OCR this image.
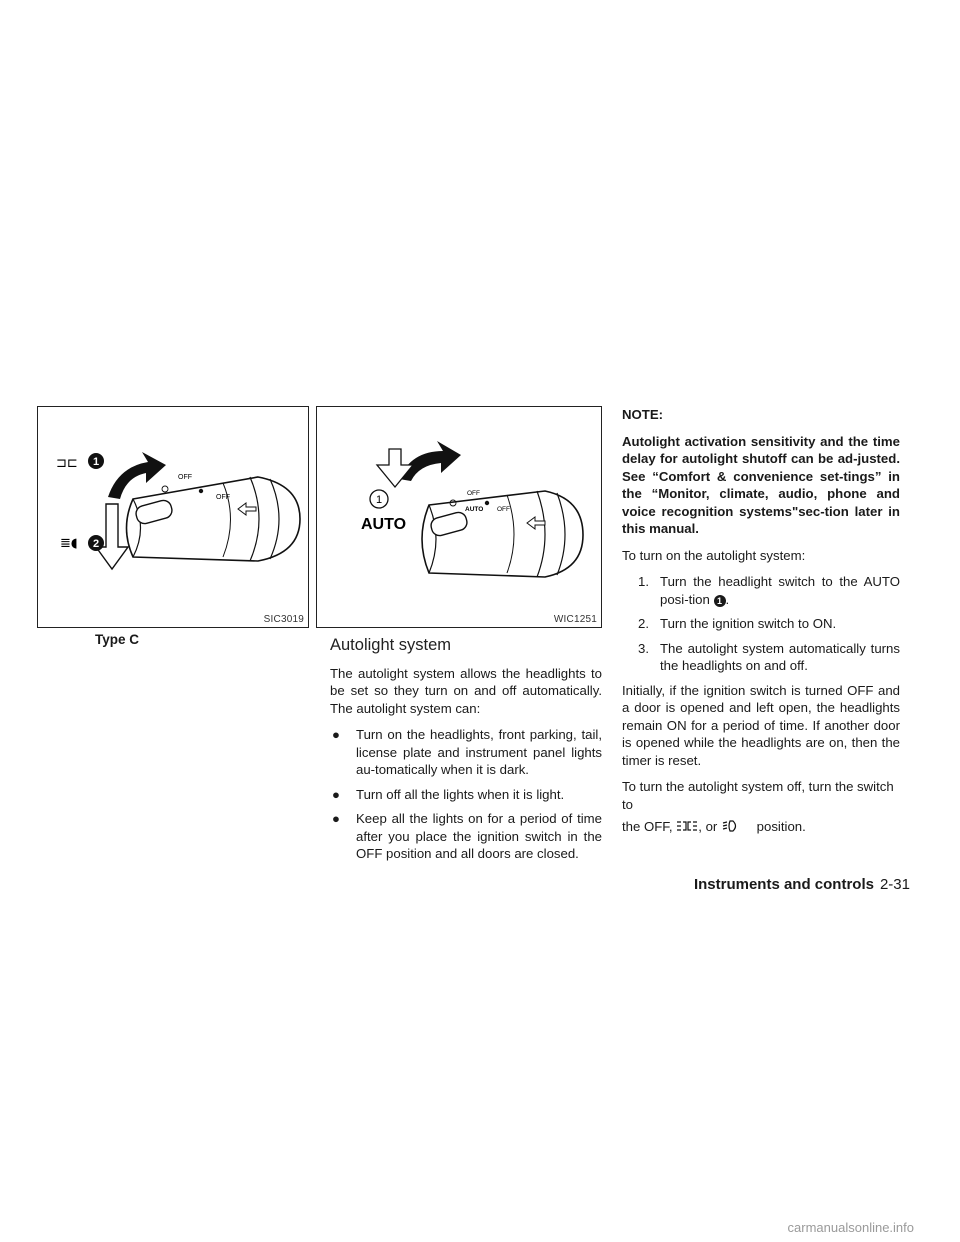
OFF
OFF
⊐⊏ 1
≣◖ 2
SIC3019
Type C
OFF
AUTO OFF
1
AUTO
WIC1251
Autolight system

The autolight system allows the headlights to be set so they turn on and off automatically. The autolight system can:

● Turn on the headlights, front parking, tail, license plate and instrument panel lights au-tomatically when it is dark.
● Turn off all the lights when it is light.
● Keep all the lights on for a period of time after you place the ignition switch in the OFF position and all doors are closed.

NOTE:

Autolight activation sensitivity and the time delay for autolight shutoff can be ad-justed. See “Comfort & convenience set-tings” in the “Monitor, climate, audio, phone and voice recognition systems"sec-tion later in this manual.

To turn on the autolight system:

1. Turn the headlight switch to the AUTO posi-tion 1 .
2. Turn the ignition switch to ON.
3. The autolight system automatically turns the headlights on and off.

Initially, if the ignition switch is turned OFF and a door is opened and left open, the headlights remain ON for a period of time. If another door is opened while the headlights are on, then the timer is reset.

To turn the autolight system off, turn the switch to

the OFF, , or	position.

Instruments and controls 2-31
carmanualsonline.info
